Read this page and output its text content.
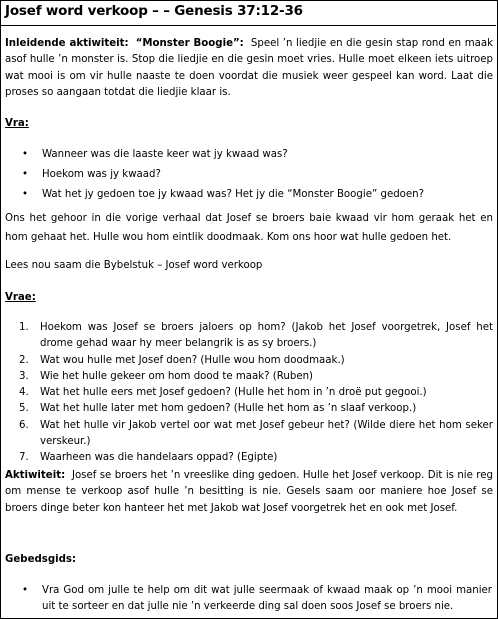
Josef word verkoop – – Genesis 37:12-36
Inleidende aktiwiteit: “Monster Boogie”: Speel ’n liedjie en die gesin stap rond en maak asof hulle ’n monster is. Stop die liedjie en die gesin moet vries. Hulle moet elkeen iets uitroep wat mooi is om vir hulle naaste te doen voordat die musiek weer gespeel kan word. Laat die proses so aangaan totdat die liedjie klaar is.
Vra:
• Wanneer was die laaste keer wat jy kwaad was?
• Hoekom was jy kwaad?
• Wat het jy gedoen toe jy kwaad was? Het jy die “Monster Boogie” gedoen?
Ons het gehoor in die vorige verhaal dat Josef se broers baie kwaad vir hom geraak het en hom gehaat het. Hulle wou hom eintlik doodmaak. Kom ons hoor wat hulle gedoen het.
Lees nou saam die Bybelstuk – Josef word verkoop
Vrae:
1. Hoekom was Josef se broers jaloers op hom? (Jakob het Josef voorgetrek, Josef het drome gehad waar hy meer belangrik is as sy broers.)
2. Wat wou hulle met Josef doen? (Hulle wou hom doodmaak.)
3. Wie het hulle gekeer om hom dood te maak? (Ruben)
4. Wat het hulle eers met Josef gedoen? (Hulle het hom in ’n droë put gegooi.)
5. Wat het hulle later met hom gedoen? (Hulle het hom as ’n slaaf verkoop.)
6. Wat het hulle vir Jakob vertel oor wat met Josef gebeur het? (Wilde diere het hom seker verskeur.)
7. Waarheen was die handelaars oppad? (Egipte)
Aktiwiteit: Josef se broers het ’n vreeslike ding gedoen. Hulle het Josef verkoop. Dit is nie reg om mense te verkoop asof hulle ’n besitting is nie. Gesels saam oor maniere hoe Josef se broers dinge beter kon hanteer het met Jakob wat Josef voorgetrek het en ook met Josef.
Gebedsgids:
• Vra God om julle te help om dit wat julle seermaak of kwaad maak op ’n mooi manier uit te sorteer en dat julle nie ’n verkeerde ding sal doen soos Josef se broers nie.
